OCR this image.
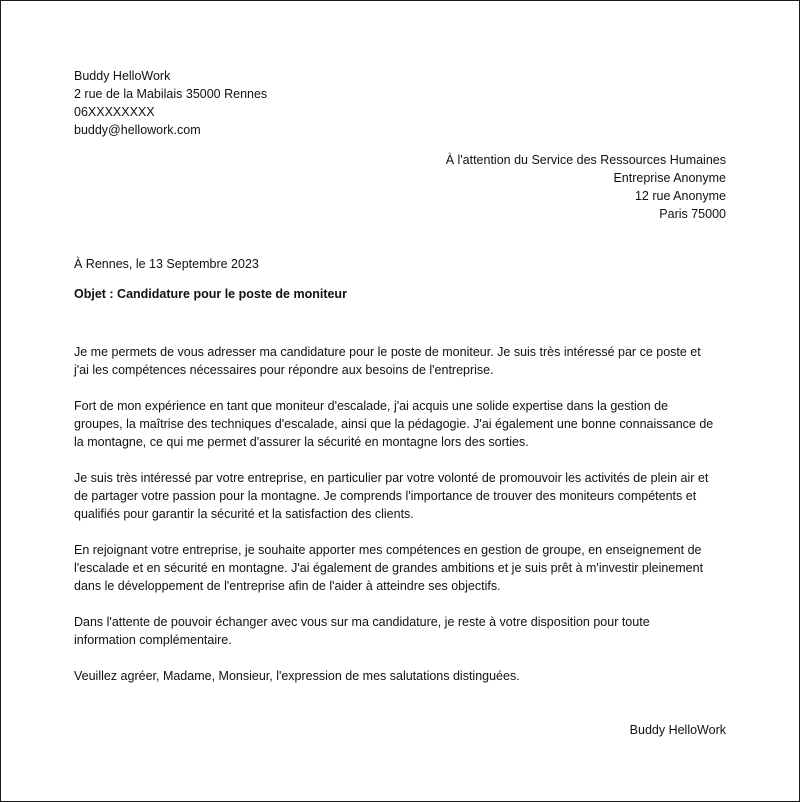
Buddy HelloWork
2 rue de la Mabilais 35000 Rennes
06XXXXXXXX
buddy@hellowork.com
À l'attention du Service des Ressources Humaines
Entreprise Anonyme
12 rue Anonyme
Paris 75000
À Rennes, le 13 Septembre 2023
Objet : Candidature pour le poste de moniteur

Je me permets de vous adresser ma candidature pour le poste de moniteur. Je suis très intéressé par ce poste et
j'ai les compétences nécessaires pour répondre aux besoins de l'entreprise.

Fort de mon expérience en tant que moniteur d'escalade, j'ai acquis une solide expertise dans la gestion de
groupes, la maîtrise des techniques d'escalade, ainsi que la pédagogie. J'ai également une bonne connaissance de
la montagne, ce qui me permet d'assurer la sécurité en montagne lors des sorties.

Je suis très intéressé par votre entreprise, en particulier par votre volonté de promouvoir les activités de plein air et
de partager votre passion pour la montagne. Je comprends l'importance de trouver des moniteurs compétents et
qualifiés pour garantir la sécurité et la satisfaction des clients.

En rejoignant votre entreprise, je souhaite apporter mes compétences en gestion de groupe, en enseignement de
l'escalade et en sécurité en montagne. J'ai également de grandes ambitions et je suis prêt à m'investir pleinement
dans le développement de l'entreprise afin de l'aider à atteindre ses objectifs.

Dans l'attente de pouvoir échanger avec vous sur ma candidature, je reste à votre disposition pour toute
information complémentaire.

Veuillez agréer, Madame, Monsieur, l'expression de mes salutations distinguées.

Buddy HelloWork
